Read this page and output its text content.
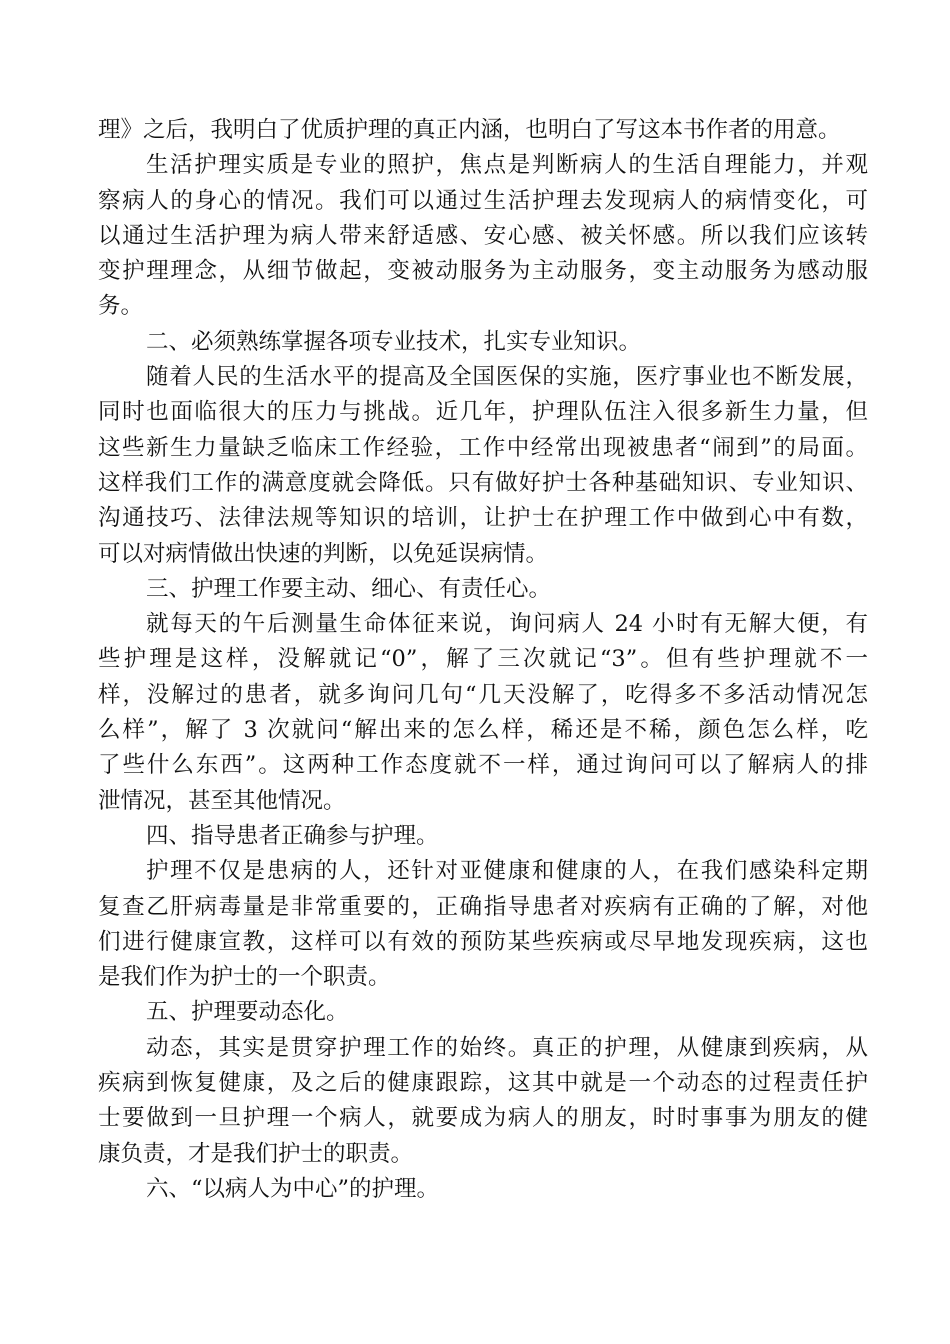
理》之后，我明白了优质护理的真正内涵，也明白了写这本书作者的用意。
生活护理实质是专业的照护，焦点是判断病人的生活自理能力，并观
察病人的身心的情况。我们可以通过生活护理去发现病人的病情变化，可
以通过生活护理为病人带来舒适感、安心感、被关怀感。所以我们应该转
变护理理念，从细节做起，变被动服务为主动服务，变主动服务为感动服
务。
二、必须熟练掌握各项专业技术，扎实专业知识。
随着人民的生活水平的提高及全国医保的实施，医疗事业也不断发展，
同时也面临很大的压力与挑战。近几年，护理队伍注入很多新生力量，但
这些新生力量缺乏临床工作经验，工作中经常出现被患者“闹到”的局面。
这样我们工作的满意度就会降低。只有做好护士各种基础知识、专业知识、
沟通技巧、法律法规等知识的培训，让护士在护理工作中做到心中有数，
可以对病情做出快速的判断，以免延误病情。
三、护理工作要主动、细心、有责任心。
就每天的午后测量生命体征来说，询问病人 24 小时有无解大便，有
些护理是这样，没解就记“0”，解了三次就记“3”。但有些护理就不一
样，没解过的患者，就多询问几句“几天没解了，吃得多不多活动情况怎
么样”，解了 3 次就问“解出来的怎么样，稀还是不稀，颜色怎么样，吃
了些什么东西”。这两种工作态度就不一样，通过询问可以了解病人的排
泄情况，甚至其他情况。
四、指导患者正确参与护理。
护理不仅是患病的人，还针对亚健康和健康的人，在我们感染科定期
复查乙肝病毒量是非常重要的，正确指导患者对疾病有正确的了解，对他
们进行健康宣教，这样可以有效的预防某些疾病或尽早地发现疾病，这也
是我们作为护士的一个职责。
五、护理要动态化。
动态，其实是贯穿护理工作的始终。真正的护理，从健康到疾病，从
疾病到恢复健康，及之后的健康跟踪，这其中就是一个动态的过程责任护
士要做到一旦护理一个病人，就要成为病人的朋友，时时事事为朋友的健
康负责，才是我们护士的职责。
六、“以病人为中心”的护理。
